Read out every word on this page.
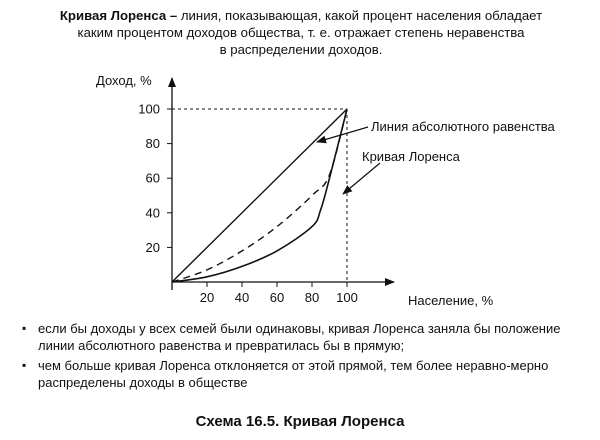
Кривая Лоренса – линия, показывающая, какой процент населения обладает
каким процентом доходов общества, т. е. отражает степень неравенства
в распределении доходов.
Доход, %
Население, %
100
80
60
40
20
20 40 60 80 100
Линия абсолютного равенства
Кривая Лоренса
▪ если бы доходы у всех семей были одинаковы, кривая Лоренса заняла бы положение линии абсолютного равенства и превратилась бы в прямую;
▪ чем больше кривая Лоренса отклоняется от этой прямой, тем более неравно-мерно распределены доходы в обществе
Схема 16.5. Кривая Лоренса
